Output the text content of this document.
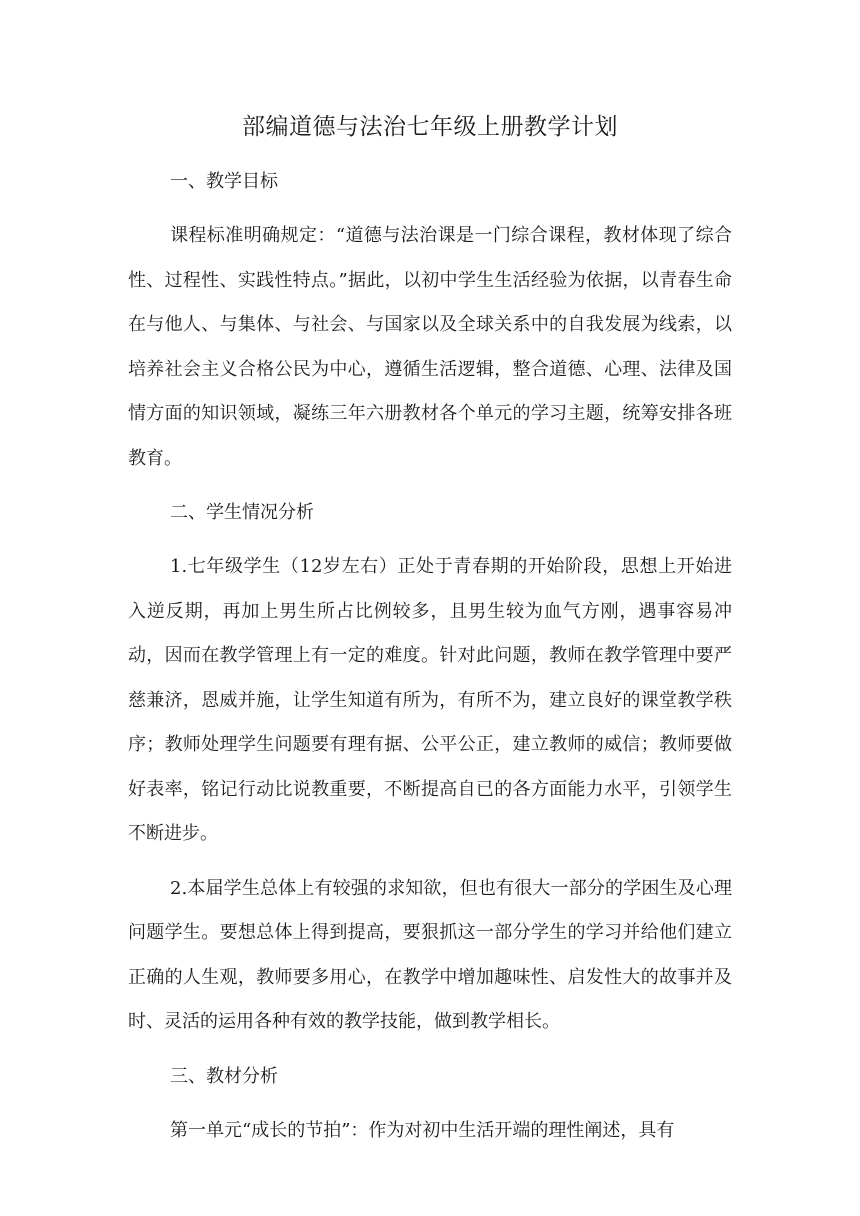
部编道德与法治七年级上册教学计划

一、教学目标

课程标准明确规定：“道德与法治课是一门综合课程，教材体现了综合性、过程性、实践性特点。”据此，以初中学生生活经验为依据，以青春生命在与他人、与集体、与社会、与国家以及全球关系中的自我发展为线索，以培养社会主义合格公民为中心，遵循生活逻辑，整合道德、心理、法律及国情方面的知识领域，凝练三年六册教材各个单元的学习主题，统筹安排各班教育。

二、学生情况分析

1.七年级学生（12岁左右）正处于青春期的开始阶段，思想上开始进入逆反期，再加上男生所占比例较多，且男生较为血气方刚，遇事容易冲动，因而在教学管理上有一定的难度。针对此问题，教师在教学管理中要严慈兼济，恩威并施，让学生知道有所为，有所不为，建立良好的课堂教学秩序；教师处理学生问题要有理有据、公平公正，建立教师的威信；教师要做好表率，铭记行动比说教重要，不断提高自已的各方面能力水平，引领学生不断进步。

2.本届学生总体上有较强的求知欲，但也有很大一部分的学困生及心理问题学生。要想总体上得到提高，要狠抓这一部分学生的学习并给他们建立正确的人生观，教师要多用心，在教学中增加趣味性、启发性大的故事并及时、灵活的运用各种有效的教学技能，做到教学相长。

三、教材分析

第一单元“成长的节拍”：作为对初中生活开端的理性阐述，具有
